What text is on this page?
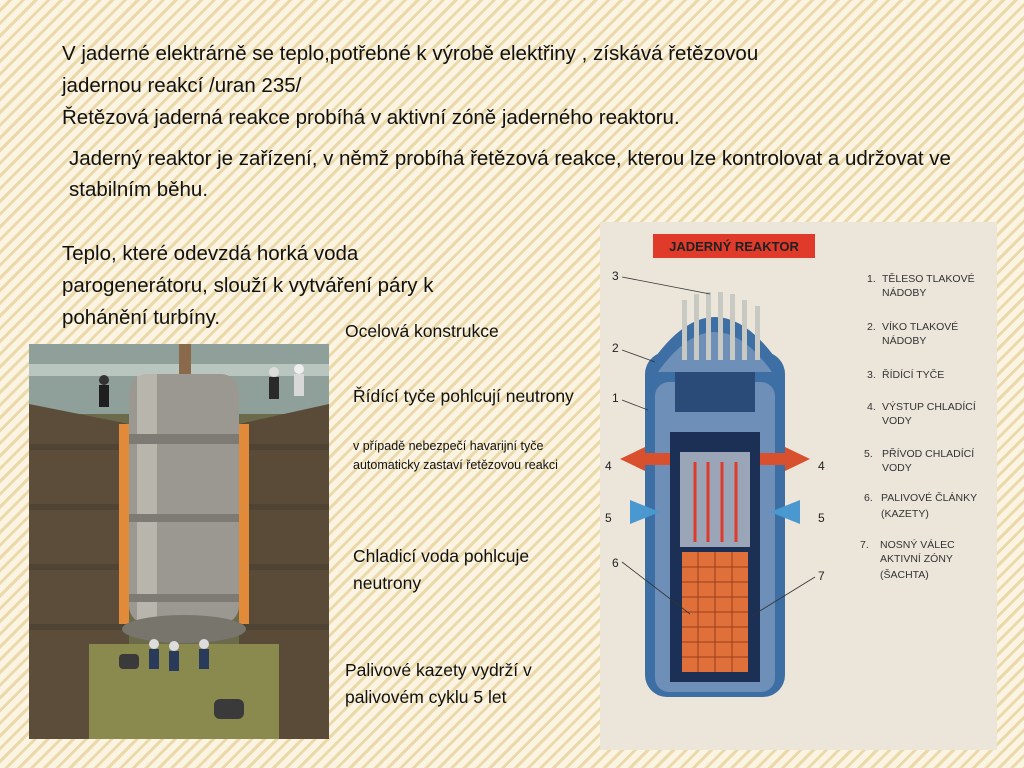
V jaderné elektrárně se teplo,potřebné k výrobě elektřiny , získává řetězovou
jadernou reakcí /uran 235/
Řetězová jaderná reakce probíhá v aktivní zóně jaderného reaktoru.

Jaderný reaktor je zařízení, v němž probíhá řetězová reakce, kterou lze kontrolovat a udržovat ve stabilním běhu.

Teplo, které odevzdá horká voda parogenerátoru, slouží k vytváření páry k pohánění turbíny.

Ocelová konstrukce

Řídící tyče pohlcují neutrony

v případě nebezpečí havarijní tyče automaticky zastaví řetězovou reakci

Chladicí voda pohlcuje neutrony

Palivové kazety vydrží v palivovém cyklu 5 let

JADERNÝ REAKTOR
3
2
1
4	4
5	5
6
7
1. TĚLESO TLAKOVÉ
NÁDOBY
2. VÍKO TLAKOVÉ
NÁDOBY
3. ŘÍDÍCÍ TYČE
4. VÝSTUP CHLADÍCÍ
VODY
5. PŘÍVOD CHLADÍCÍ
VODY
6. PALIVOVÉ ČLÁNKY
(KAZETY)
7. NOSNÝ VÁLEC
AKTIVNÍ ZÓNY
(ŠACHTA)
